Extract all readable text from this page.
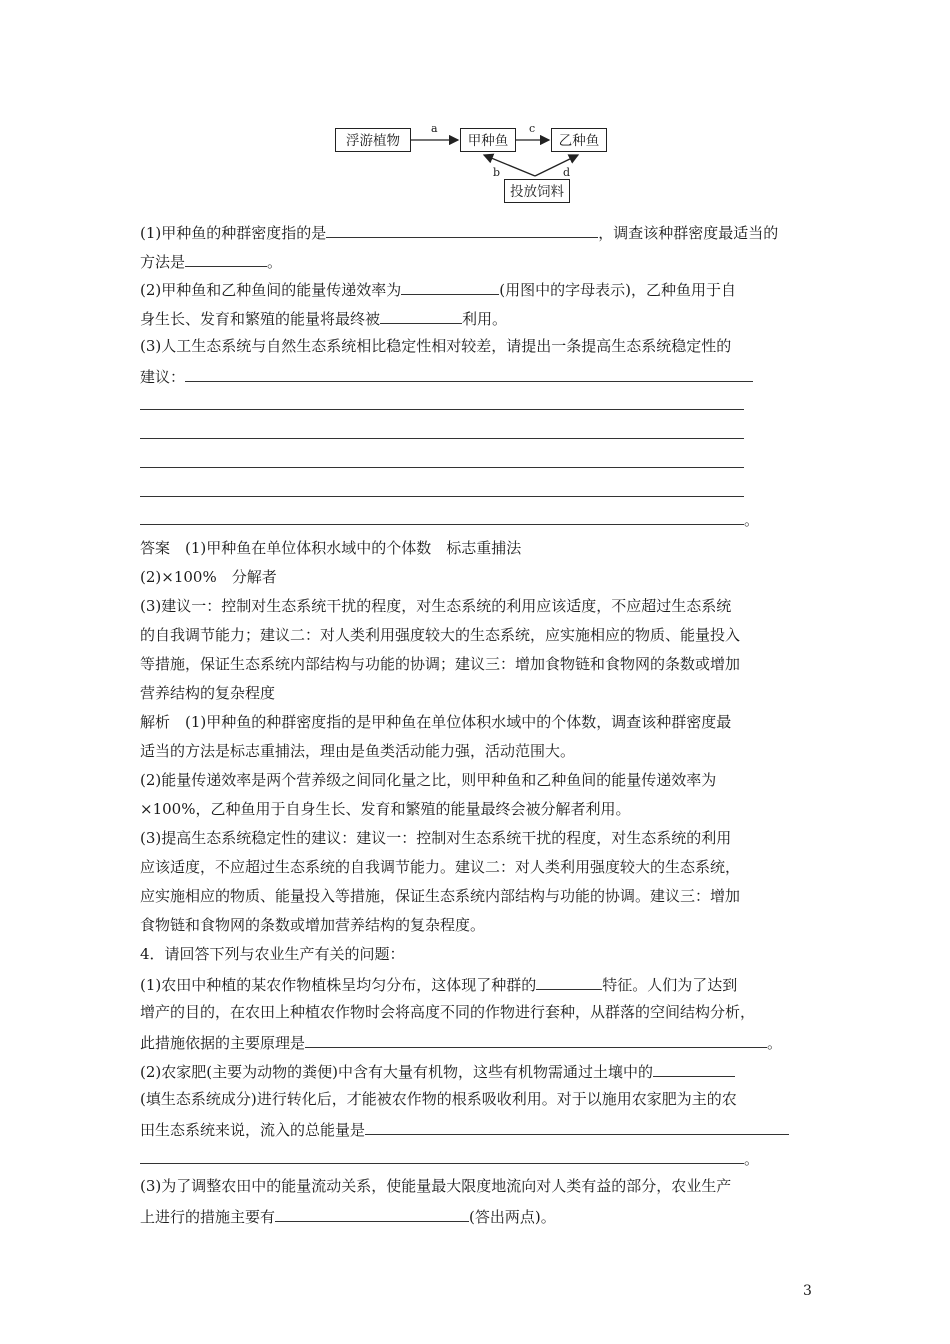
浮游植物	甲种鱼	乙种鱼
投放饲料
a	c
b	d
(1)甲种鱼的种群密度指的是	，调查该种群密度最适当的
方法是	。
(2)甲种鱼和乙种鱼间的能量传递效率为	(用图中的字母表示)，乙种鱼用于自
身生长、发育和繁殖的能量将最终被	利用。
(3)人工生态系统与自然生态系统相比稳定性相对较差，请提出一条提高生态系统稳定性的
建议：
。
答案　(1)甲种鱼在单位体积水域中的个体数　标志重捕法
(2)×100%　分解者
(3)建议一：控制对生态系统干扰的程度，对生态系统的利用应该适度，不应超过生态系统
的自我调节能力；建议二：对人类利用强度较大的生态系统，应实施相应的物质、能量投入
等措施，保证生态系统内部结构与功能的协调；建议三：增加食物链和食物网的条数或增加
营养结构的复杂程度
解析　(1)甲种鱼的种群密度指的是甲种鱼在单位体积水域中的个体数，调查该种群密度最
适当的方法是标志重捕法，理由是鱼类活动能力强，活动范围大。
(2)能量传递效率是两个营养级之间同化量之比，则甲种鱼和乙种鱼间的能量传递效率为
×100%，乙种鱼用于自身生长、发育和繁殖的能量最终会被分解者利用。
(3)提高生态系统稳定性的建议：建议一：控制对生态系统干扰的程度，对生态系统的利用
应该适度，不应超过生态系统的自我调节能力。建议二：对人类利用强度较大的生态系统，
应实施相应的物质、能量投入等措施，保证生态系统内部结构与功能的协调。建议三：增加
食物链和食物网的条数或增加营养结构的复杂程度。
4．请回答下列与农业生产有关的问题：
(1)农田中种植的某农作物植株呈均匀分布，这体现了种群的	特征。人们为了达到
增产的目的，在农田上种植农作物时会将高度不同的作物进行套种，从群落的空间结构分析，
此措施依据的主要原理是	。
(2)农家肥(主要为动物的粪便)中含有大量有机物，这些有机物需通过土壤中的
(填生态系统成分)进行转化后，才能被农作物的根系吸收利用。对于以施用农家肥为主的农
田生态系统来说，流入的总能量是
。
(3)为了调整农田中的能量流动关系，使能量最大限度地流向对人类有益的部分，农业生产
上进行的措施主要有	(答出两点)。
3
